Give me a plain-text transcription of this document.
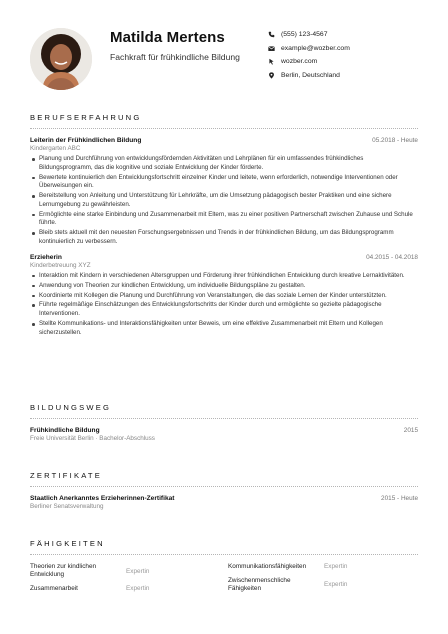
Matilda Mertens
Fachkraft für frühkindliche Bildung
(555) 123-4567
example@wozber.com
wozber.com
Berlin, Deutschland
BERUFSERFAHRUNG
Leiterin der Frühkindlichen Bildung	05.2018 - Heute
Kindergarten ABC
Planung und Durchführung von entwicklungsfördernden Aktivitäten und Lehrplänen für ein umfassendes frühkindliches Bildungsprogramm, das die kognitive und soziale Entwicklung der Kinder förderte.
Bewertete kontinuierlich den Entwicklungsfortschritt einzelner Kinder und leitete, wenn erforderlich, notwendige Interventionen oder Überweisungen ein.
Bereitstellung von Anleitung und Unterstützung für Lehrkräfte, um die Umsetzung pädagogisch bester Praktiken und eine sichere Lernumgebung zu gewährleisten.
Ermöglichte eine starke Einbindung und Zusammenarbeit mit Eltern, was zu einer positiven Partnerschaft zwischen Zuhause und Schule führte.
Bleib stets aktuell mit den neuesten Forschungsergebnissen und Trends in der frühkindlichen Bildung, um das Bildungsprogramm kontinuierlich zu verbessern.
Erzieherin	04.2015 - 04.2018
Kinderbetreuung XYZ
Interaktion mit Kindern in verschiedenen Altersgruppen und Förderung ihrer frühkindlichen Entwicklung durch kreative Lernaktivitäten.
Anwendung von Theorien zur kindlichen Entwicklung, um individuelle Bildungspläne zu gestalten.
Koordinierte mit Kollegen die Planung und Durchführung von Veranstaltungen, die das soziale Lernen der Kinder unterstützten.
Führte regelmäßige Einschätzungen des Entwicklungsfortschritts der Kinder durch und ermöglichte so gezielte pädagogische Interventionen.
Stellte Kommunikations- und Interaktionsfähigkeiten unter Beweis, um eine effektive Zusammenarbeit mit Eltern und Kollegen sicherzustellen.
BILDUNGSWEG
Frühkindliche Bildung	2015
Freie Universität Berlin · Bachelor-Abschluss
ZERTIFIKATE
Staatlich Anerkanntes Erzieherinnen-Zertifikat	2015 - Heute
Berliner Senatsverwaltung
FÄHIGKEITEN
Theorien zur kindlichen Entwicklung	Expertin
Kommunikationsfähigkeiten	Expertin
Zusammenarbeit	Expertin
Zwischenmenschliche Fähigkeiten
Expertin
